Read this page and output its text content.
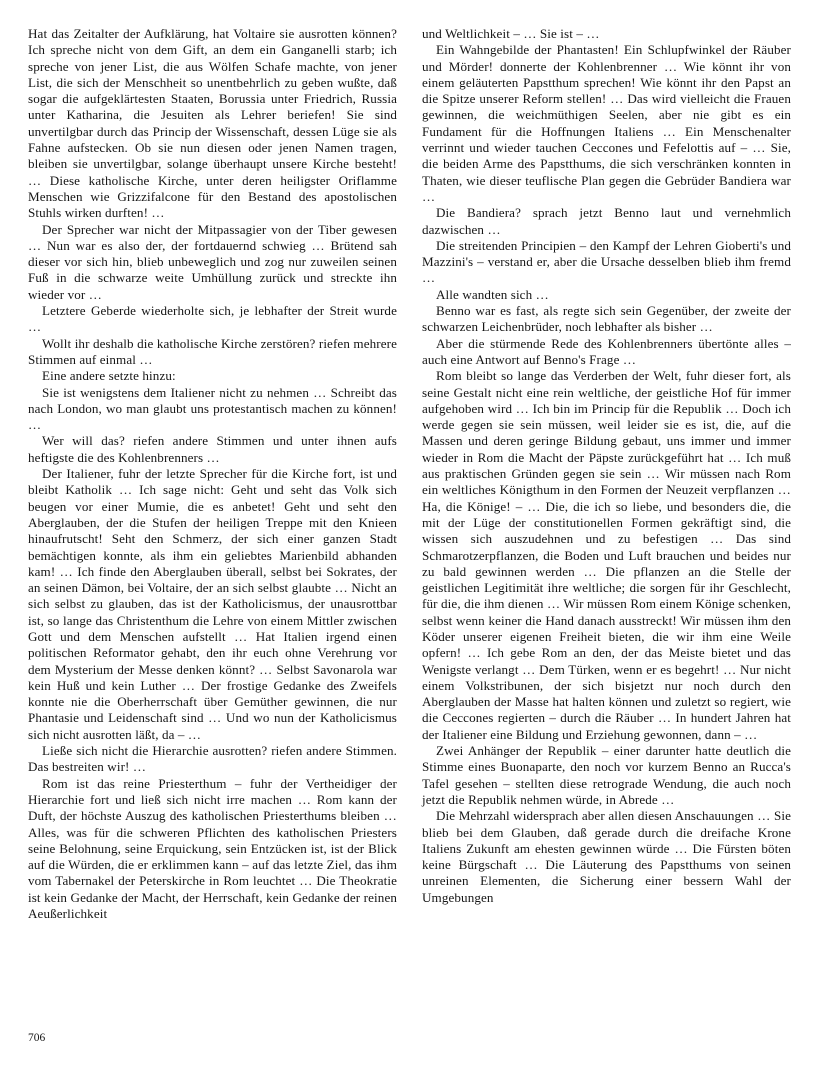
Hat das Zeitalter der Aufklärung, hat Voltaire sie ausrotten können? Ich spreche nicht von dem Gift, an dem ein Ganganelli starb; ich spreche von jener List, die aus Wölfen Schafe machte, von jener List, die sich der Menschheit so unentbehrlich zu geben wußte, daß sogar die aufgeklärtesten Staaten, Borussia unter Friedrich, Russia unter Katharina, die Jesuiten als Lehrer beriefen! Sie sind unvertilgbar durch das Princip der Wissenschaft, dessen Lüge sie als Fahne aufstecken. Ob sie nun diesen oder jenen Namen tragen, bleiben sie unvertilgbar, solange überhaupt unsere Kirche besteht! … Diese katholische Kirche, unter deren heiligster Oriflamme Menschen wie Grizzifalcone für den Bestand des apostolischen Stuhls wirken durften! …

Der Sprecher war nicht der Mitpassagier von der Tiber gewesen … Nun war es also der, der fortdauernd schwieg … Brütend sah dieser vor sich hin, blieb unbeweglich und zog nur zuweilen seinen Fuß in die schwarze weite Umhüllung zurück und streckte ihn wieder vor …

Letztere Geberde wiederholte sich, je lebhafter der Streit wurde …

Wollt ihr deshalb die katholische Kirche zerstören? riefen mehrere Stimmen auf einmal …

Eine andere setzte hinzu:

Sie ist wenigstens dem Italiener nicht zu nehmen … Schreibt das nach London, wo man glaubt uns protestantisch machen zu können! …

Wer will das? riefen andere Stimmen und unter ihnen aufs heftigste die des Kohlenbrenners …

Der Italiener, fuhr der letzte Sprecher für die Kirche fort, ist und bleibt Katholik … Ich sage nicht: Geht und seht das Volk sich beugen vor einer Mumie, die es anbetet! Geht und seht den Aberglauben, der die Stufen der heiligen Treppe mit den Knieen hinaufrutscht! Seht den Schmerz, der sich einer ganzen Stadt bemächtigen konnte, als ihm ein geliebtes Marienbild abhanden kam! … Ich finde den Aberglauben überall, selbst bei Sokrates, der an seinen Dämon, bei Voltaire, der an sich selbst glaubte … Nicht an sich selbst zu glauben, das ist der Katholicismus, der unausrottbar ist, so lange das Christenthum die Lehre von einem Mittler zwischen Gott und dem Menschen aufstellt … Hat Italien irgend einen politischen Reformator gehabt, den ihr euch ohne Verehrung vor dem Mysterium der Messe denken könnt? … Selbst Savonarola war kein Huß und kein Luther … Der frostige Gedanke des Zweifels konnte nie die Oberherrschaft über Gemüther gewinnen, die nur Phantasie und Leidenschaft sind … Und wo nun der Katholicismus sich nicht ausrotten läßt, da – …

Ließe sich nicht die Hierarchie ausrotten? riefen andere Stimmen. Das bestreiten wir! …

Rom ist das reine Priesterthum – fuhr der Vertheidiger der Hierarchie fort und ließ sich nicht irre machen … Rom kann der Duft, der höchste Auszug des katholischen Priesterthums bleiben … Alles, was für die schweren Pflichten des katholischen Priesters seine Belohnung, seine Erquickung, sein Entzücken ist, ist der Blick auf die Würden, die er erklimmen kann – auf das letzte Ziel, das ihm vom Tabernakel der Peterskirche in Rom leuchtet … Die Theokratie ist kein Gedanke der Macht, der Herrschaft, kein Gedanke der reinen Aeußerlichkeit

und Weltlichkeit – … Sie ist – …

Ein Wahngebilde der Phantasten! Ein Schlupfwinkel der Räuber und Mörder! donnerte der Kohlenbrenner … Wie könnt ihr von einem geläuterten Papstthum sprechen! Wie könnt ihr den Papst an die Spitze unserer Reform stellen! … Das wird vielleicht die Frauen gewinnen, die weichmüthigen Seelen, aber nie gibt es ein Fundament für die Hoffnungen Italiens … Ein Menschenalter verrinnt und wieder tauchen Ceccones und Fefelottis auf – … Sie, die beiden Arme des Papstthums, die sich verschränken konnten in Thaten, wie dieser teuflische Plan gegen die Gebrüder Bandiera war …

Die Bandiera? sprach jetzt Benno laut und vernehmlich dazwischen …

Die streitenden Principien – den Kampf der Lehren Gioberti's und Mazzini's – verstand er, aber die Ursache desselben blieb ihm fremd …

Alle wandten sich …

Benno war es fast, als regte sich sein Gegenüber, der zweite der schwarzen Leichenbrüder, noch lebhafter als bisher …

Aber die stürmende Rede des Kohlenbrenners übertönte alles – auch eine Antwort auf Benno's Frage …

Rom bleibt so lange das Verderben der Welt, fuhr dieser fort, als seine Gestalt nicht eine rein weltliche, der geistliche Hof für immer aufgehoben wird … Ich bin im Princip für die Republik … Doch ich werde gegen sie sein müssen, weil leider sie es ist, die, auf die Massen und deren geringe Bildung gebaut, uns immer und immer wieder in Rom die Macht der Päpste zurückgeführt hat … Ich muß aus praktischen Gründen gegen sie sein … Wir müssen nach Rom ein weltliches Königthum in den Formen der Neuzeit verpflanzen … Ha, die Könige! – … Die, die ich so liebe, und besonders die, die mit der Lüge der constitutionellen Formen gekräftigt sind, die wissen sich auszudehnen und zu befestigen … Das sind Schmarotzerpflanzen, die Boden und Luft brauchen und beides nur zu bald gewinnen werden … Die pflanzen an die Stelle der geistlichen Legitimität ihre weltliche; die sorgen für ihr Geschlecht, für die, die ihm dienen … Wir müssen Rom einem Könige schenken, selbst wenn keiner die Hand danach ausstreckt! Wir müssen ihm den Köder unserer eigenen Freiheit bieten, die wir ihm eine Weile opfern! … Ich gebe Rom an den, der das Meiste bietet und das Wenigste verlangt … Dem Türken, wenn er es begehrt! … Nur nicht einem Volkstribunen, der sich bisjetzt nur noch durch den Aberglauben der Masse hat halten können und zuletzt so regiert, wie die Ceccones regierten – durch die Räuber … In hundert Jahren hat der Italiener eine Bildung und Erziehung gewonnen, dann – …

Zwei Anhänger der Republik – einer darunter hatte deutlich die Stimme eines Buonaparte, den noch vor kurzem Benno an Rucca's Tafel gesehen – stellten diese retrograde Wendung, die auch noch jetzt die Republik nehmen würde, in Abrede …

Die Mehrzahl widersprach aber allen diesen Anschauungen … Sie blieb bei dem Glauben, daß gerade durch die dreifache Krone Italiens Zukunft am ehesten gewinnen würde … Die Fürsten böten keine Bürgschaft … Die Läuterung des Papstthums von seinen unreinen Elementen, die Sicherung einer bessern Wahl der Umgebungen

706
